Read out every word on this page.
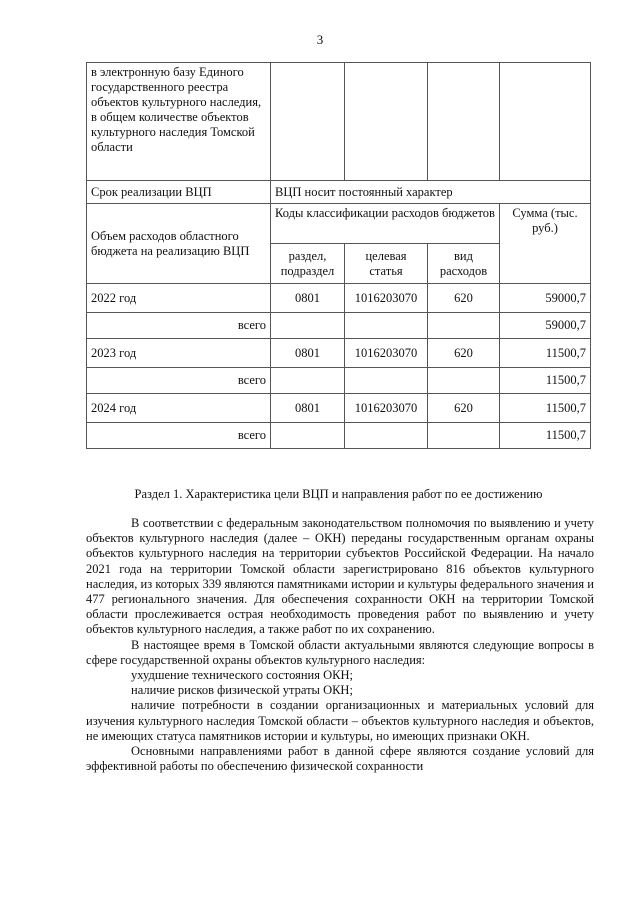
3
в электронную базу Единого государственного реестра объектов культурного наследия, в общем количестве объектов культурного наследия Томской области				
Срок реализации ВЦП	ВЦП носит постоянный характер			
Объем расходов областного бюджета на реализацию ВЦП	Коды классификации расходов бюджетов			Сумма (тыс. руб.)
	раздел, подраздел	целевая статья	вид расходов	
2022 год	0801	1016203070	620	59000,7
всего				59000,7
2023 год	0801	1016203070	620	11500,7
всего				11500,7
2024 год	0801	1016203070	620	11500,7
всего				11500,7
Раздел 1. Характеристика цели ВЦП и направления работ по ее достижению

В соответствии с федеральным законодательством полномочия по выявлению и учету объектов культурного наследия (далее – ОКН) переданы государственным органам охраны объектов культурного наследия на территории субъектов Российской Федерации. На начало 2021 года на территории Томской области зарегистрировано 816 объектов культурного наследия, из которых 339 являются памятниками истории и культуры федерального значения и 477 регионального значения. Для обеспечения сохранности ОКН на территории Томской области прослеживается острая необходимость проведения работ по выявлению и учету объектов культурного наследия, а также работ по их сохранению.

В настоящее время в Томской области актуальными являются следующие вопросы в сфере государственной охраны объектов культурного наследия:

ухудшение технического состояния ОКН;

наличие рисков физической утраты ОКН;

наличие потребности в создании организационных и материальных условий для изучения культурного наследия Томской области – объектов культурного наследия и объектов, не имеющих статуса памятников истории и культуры, но имеющих признаки ОКН.

Основными направлениями работ в данной сфере являются создание условий для эффективной работы по обеспечению физической сохранности
